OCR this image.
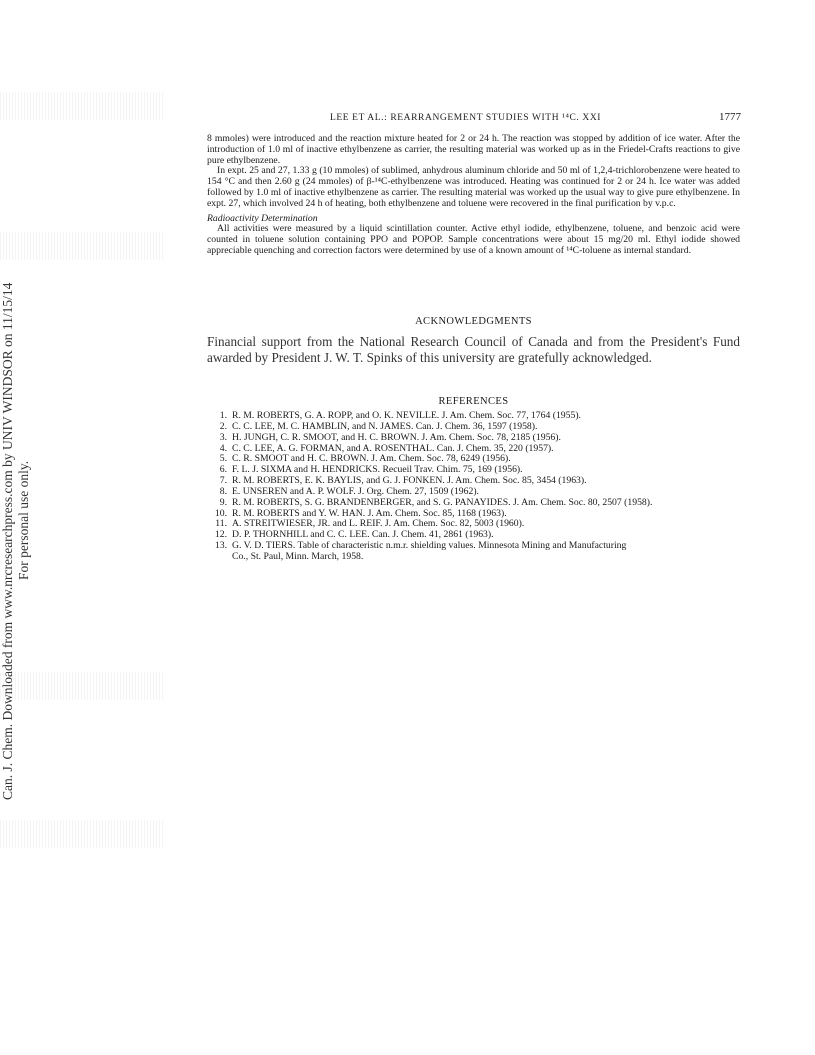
Can. J. Chem. Downloaded from www.nrcresearchpress.com by UNIV WINDSOR on 11/15/14 For personal use only.
LEE ET AL.: REARRANGEMENT STUDIES WITH ¹⁴C. XXI	1777

8 mmoles) were introduced and the reaction mixture heated for 2 or 24 h. The reaction was stopped by addition of ice water. After the introduction of 1.0 ml of inactive ethylbenzene as carrier, the resulting material was worked up as in the Friedel-Crafts reactions to give pure ethylbenzene.

In expt. 25 and 27, 1.33 g (10 mmoles) of sublimed, anhydrous aluminum chloride and 50 ml of 1,2,4-trichlorobenzene were heated to 154 °C and then 2.60 g (24 mmoles) of β-¹⁴C-ethylbenzene was introduced. Heating was continued for 2 or 24 h. Ice water was added followed by 1.0 ml of inactive ethylbenzene as carrier. The resulting material was worked up the usual way to give pure ethylbenzene. In expt. 27, which involved 24 h of heating, both ethylbenzene and toluene were recovered in the final purification by v.p.c.

Radioactivity Determination

All activities were measured by a liquid scintillation counter. Active ethyl iodide, ethylbenzene, toluene, and benzoic acid were counted in toluene solution containing PPO and POPOP. Sample concentrations were about 15 mg/20 ml. Ethyl iodide showed appreciable quenching and correction factors were determined by use of a known amount of ¹⁴C-toluene as internal standard.

ACKNOWLEDGMENTS
Financial support from the National Research Council of Canada and from the President's Fund awarded by President J. W. T. Spinks of this university are gratefully acknowledged.
REFERENCES
1. R. M. ROBERTS, G. A. ROPP, and O. K. NEVILLE. J. Am. Chem. Soc. 77, 1764 (1955).
2. C. C. LEE, M. C. HAMBLIN, and N. JAMES. Can. J. Chem. 36, 1597 (1958).
3. H. JUNGH, C. R. SMOOT, and H. C. BROWN. J. Am. Chem. Soc. 78, 2185 (1956).
4. C. C. LEE, A. G. FORMAN, and A. ROSENTHAL. Can. J. Chem. 35, 220 (1957).
5. C. R. SMOOT and H. C. BROWN. J. Am. Chem. Soc. 78, 6249 (1956).
6. F. L. J. SIXMA and H. HENDRICKS. Recueil Trav. Chim. 75, 169 (1956).
7. R. M. ROBERTS, E. K. BAYLIS, and G. J. FONKEN. J. Am. Chem. Soc. 85, 3454 (1963).
8. E. UNSEREN and A. P. WOLF. J. Org. Chem. 27, 1509 (1962).
9. R. M. ROBERTS, S. G. BRANDENBERGER, and S. G. PANAYIDES. J. Am. Chem. Soc. 80, 2507 (1958).
10. R. M. ROBERTS and Y. W. HAN. J. Am. Chem. Soc. 85, 1168 (1963).
11. A. STREITWIESER, JR. and L. REIF. J. Am. Chem. Soc. 82, 5003 (1960).
12. D. P. THORNHILL and C. C. LEE. Can. J. Chem. 41, 2861 (1963).
13. G. V. D. TIERS. Table of characteristic n.m.r. shielding values. Minnesota Mining and Manufacturing
Co., St. Paul, Minn. March, 1958.
